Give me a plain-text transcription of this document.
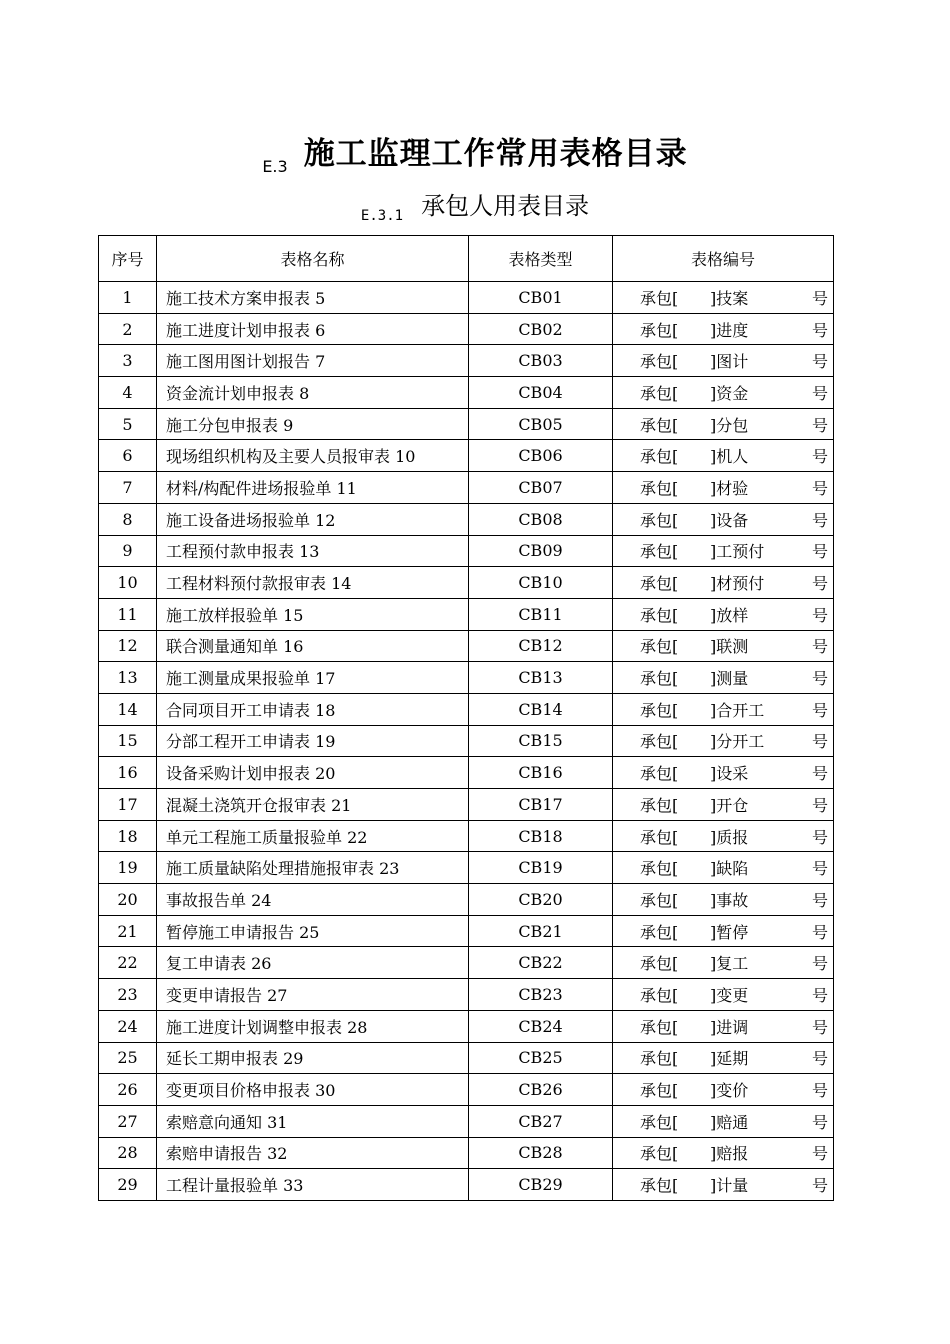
E.3 施工监理工作常用表格目录
E.3.1 承包人用表目录
序号	表格名称	表格类型	表格编号
1	施工技术方案申报表 5	CB01	承包[ ]技案 号

2	施工进度计划申报表 6	CB02	承包[ ]进度 号

3	施工图用图计划报告 7	CB03	承包[ ]图计 号

4	资金流计划申报表 8	CB04	承包[ ]资金 号

5	施工分包申报表 9	CB05	承包[ ]分包 号

6	现场组织机构及主要人员报审表 10	CB06	承包[ ]机人 号

7	材料/构配件进场报验单 11	CB07	承包[ ]材验 号

8	施工设备进场报验单 12	CB08	承包[ ]设备 号

9	工程预付款申报表 13	CB09	承包[ ]工预付 号

10	工程材料预付款报审表 14	CB10	承包[ ]材预付 号

11	施工放样报验单 15	CB11	承包[ ]放样 号

12	联合测量通知单 16	CB12	承包[ ]联测 号

13	施工测量成果报验单 17	CB13	承包[ ]测量 号

14	合同项目开工申请表 18	CB14	承包[ ]合开工 号

15	分部工程开工申请表 19	CB15	承包[ ]分开工 号

16	设备采购计划申报表 20	CB16	承包[ ]设采 号

17	混凝土浇筑开仓报审表 21	CB17	承包[ ]开仓 号

18	单元工程施工质量报验单 22	CB18	承包[ ]质报 号

19	施工质量缺陷处理措施报审表 23	CB19	承包[ ]缺陷 号

20	事故报告单 24	CB20	承包[ ]事故 号

21	暂停施工申请报告 25	CB21	承包[ ]暂停 号

22	复工申请表 26	CB22	承包[ ]复工 号

23	变更申请报告 27	CB23	承包[ ]变更 号

24	施工进度计划调整申报表 28	CB24	承包[ ]进调 号

25	延长工期申报表 29	CB25	承包[ ]延期 号

26	变更项目价格申报表 30	CB26	承包[ ]变价 号

27	索赔意向通知 31	CB27	承包[ ]赔通 号

28	索赔申请报告 32	CB28	承包[ ]赔报 号

29	工程计量报验单 33	CB29	承包[ ]计量 号
